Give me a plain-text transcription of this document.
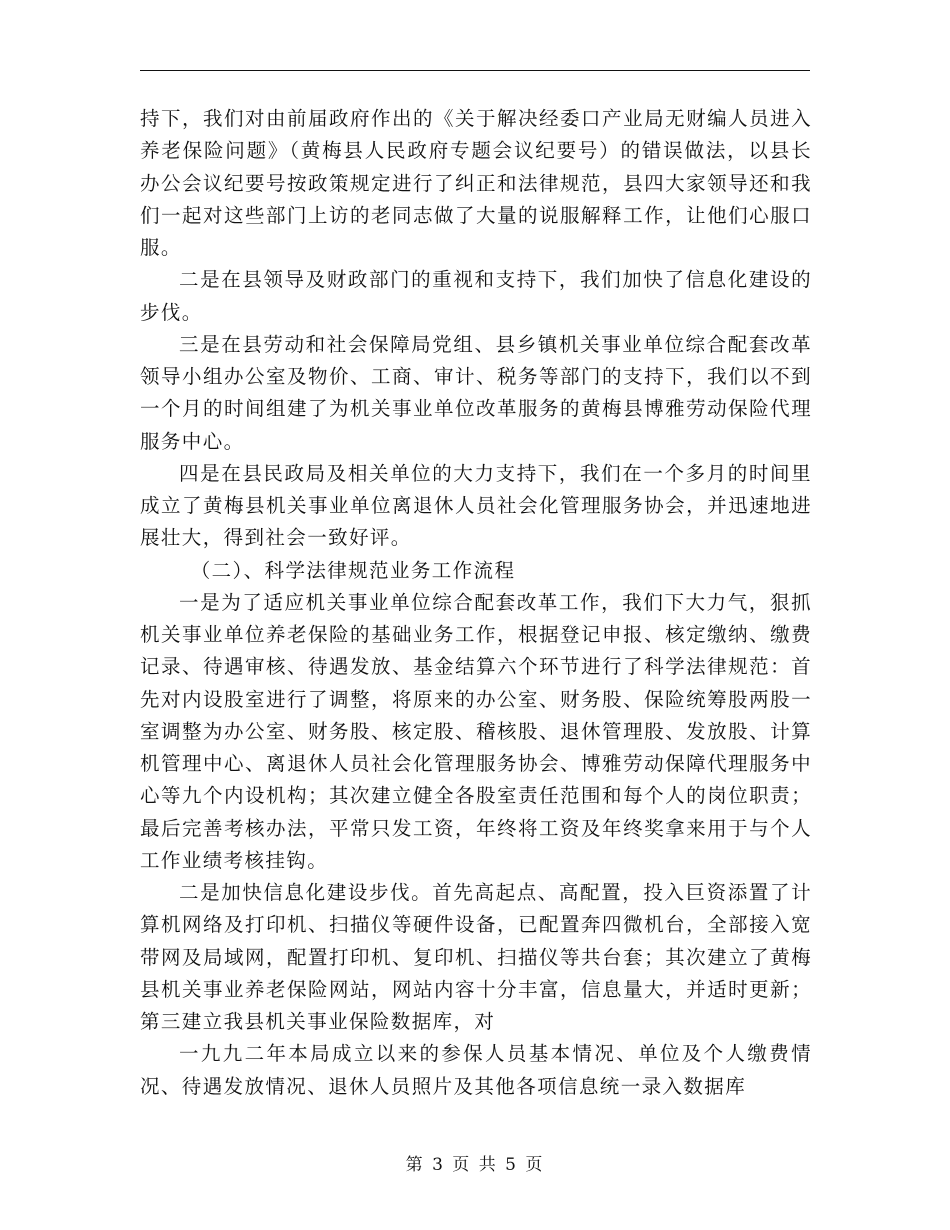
持下，我们对由前届政府作出的《关于解决经委口产业局无财编人员进入养老保险问题》（黄梅县人民政府专题会议纪要号）的错误做法，以县长办公会议纪要号按政策规定进行了纠正和法律规范，县四大家领导还和我们一起对这些部门上访的老同志做了大量的说服解释工作，让他们心服口服。

二是在县领导及财政部门的重视和支持下，我们加快了信息化建设的步伐。

三是在县劳动和社会保障局党组、县乡镇机关事业单位综合配套改革领导小组办公室及物价、工商、审计、税务等部门的支持下，我们以不到一个月的时间组建了为机关事业单位改革服务的黄梅县博雅劳动保险代理服务中心。

四是在县民政局及相关单位的大力支持下，我们在一个多月的时间里成立了黄梅县机关事业单位离退休人员社会化管理服务协会，并迅速地进展壮大，得到社会一致好评。

（二）、科学法律规范业务工作流程

一是为了适应机关事业单位综合配套改革工作，我们下大力气，狠抓机关事业单位养老保险的基础业务工作，根据登记申报、核定缴纳、缴费记录、待遇审核、待遇发放、基金结算六个环节进行了科学法律规范：首先对内设股室进行了调整，将原来的办公室、财务股、保险统筹股两股一室调整为办公室、财务股、核定股、稽核股、退休管理股、发放股、计算机管理中心、离退休人员社会化管理服务协会、博雅劳动保障代理服务中心等九个内设机构；其次建立健全各股室责任范围和每个人的岗位职责；最后完善考核办法，平常只发工资，年终将工资及年终奖拿来用于与个人工作业绩考核挂钩。

二是加快信息化建设步伐。首先高起点、高配置，投入巨资添置了计算机网络及打印机、扫描仪等硬件设备，已配置奔四微机台，全部接入宽带网及局域网，配置打印机、复印机、扫描仪等共台套；其次建立了黄梅县机关事业养老保险网站，网站内容十分丰富，信息量大，并适时更新；第三建立我县机关事业保险数据库，对

一九九二年本局成立以来的参保人员基本情况、单位及个人缴费情况、待遇发放情况、退休人员照片及其他各项信息统一录入数据库

第 3 页 共 5 页
